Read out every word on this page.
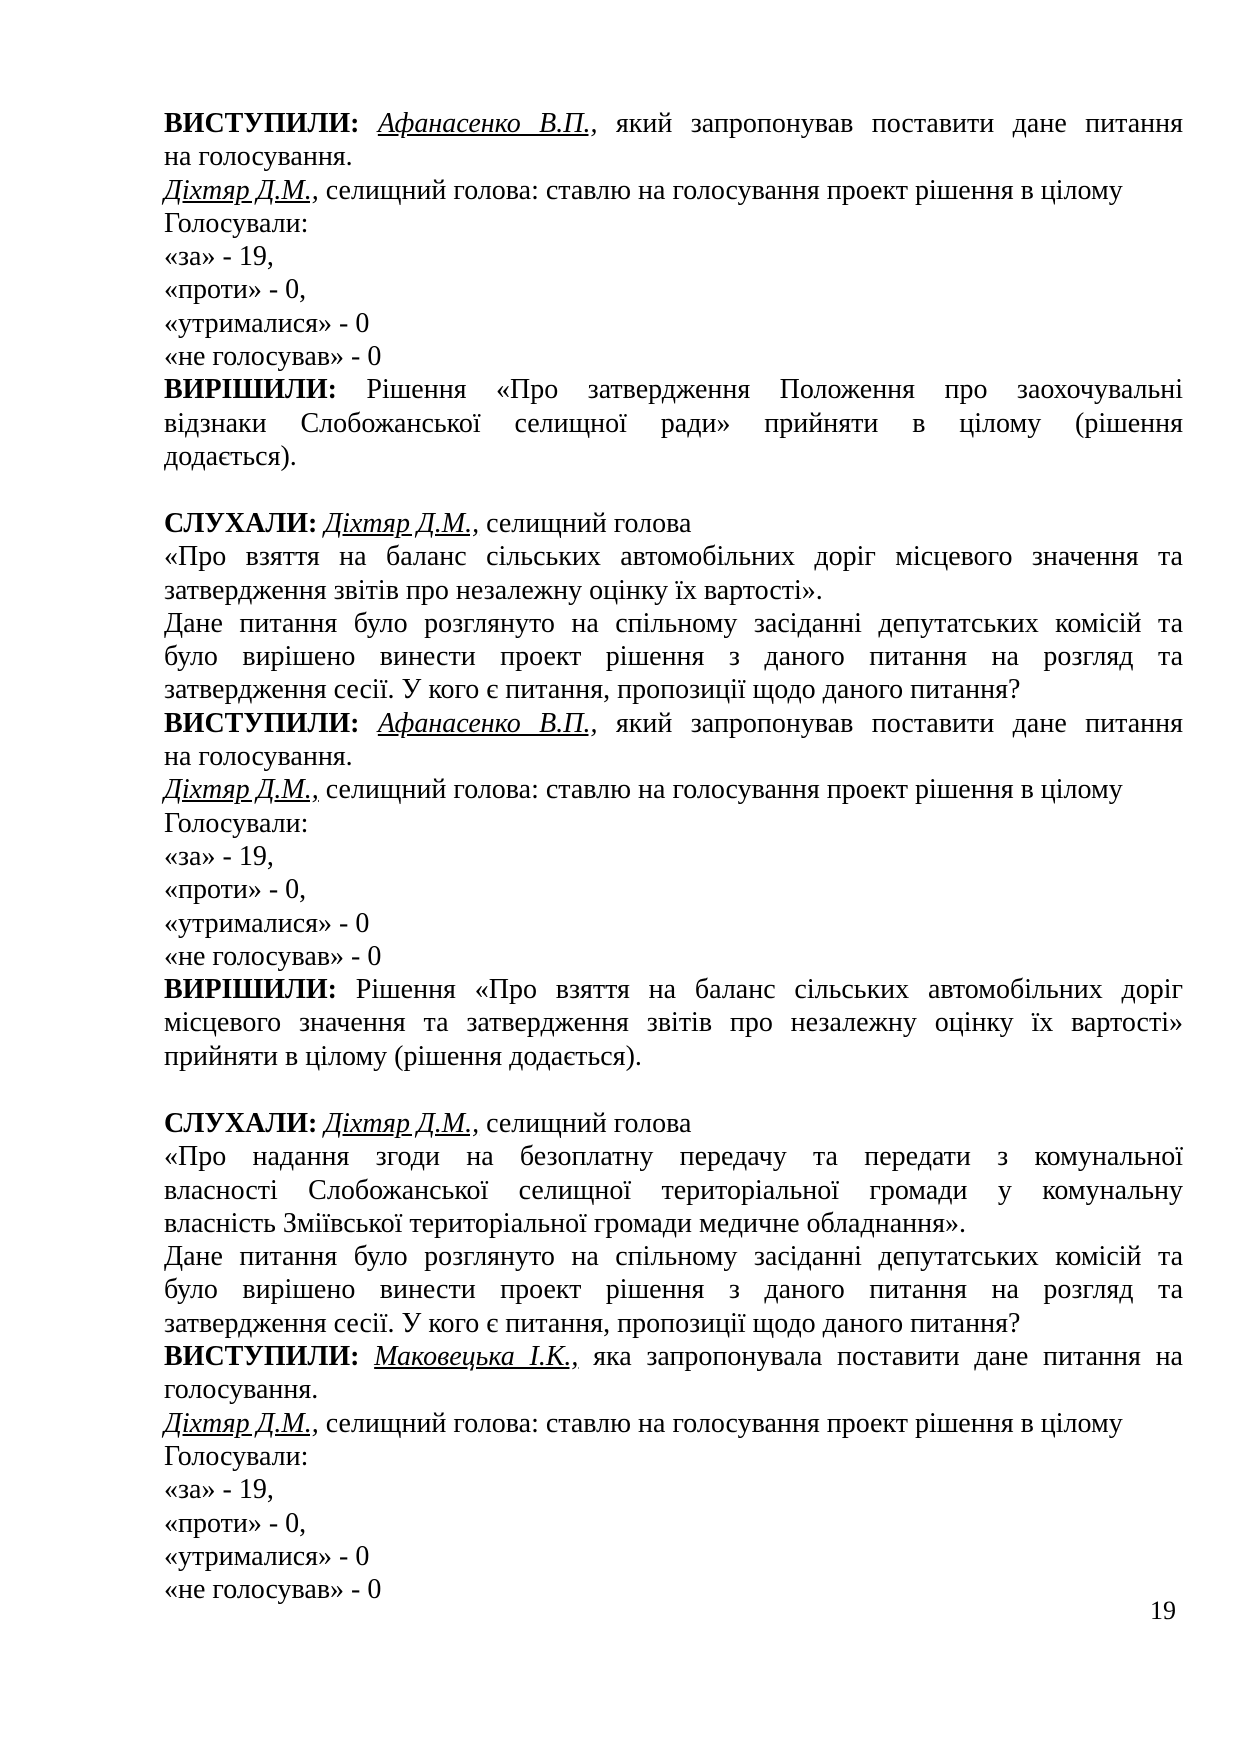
ВИСТУПИЛИ: Афанасенко В.П., який запропонував поставити дане питання
на голосування.
Діхтяр Д.М., селищний голова: ставлю на голосування проект рішення в цілому
Голосували:
«за» - 19,
«проти» - 0,
«утрималися» - 0
«не голосував» - 0
ВИРІШИЛИ: Рішення «Про затвердження Положення про заохочувальні
відзнаки Слобожанської селищної ради» прийняти в цілому (рішення
додається).
СЛУХАЛИ: Діхтяр Д.М., селищний голова
«Про взяття на баланс сільських автомобільних доріг місцевого значення та
затвердження звітів про незалежну оцінку їх вартості».
Дане питання було розглянуто на спільному засіданні депутатських комісій та
було вирішено винести проект рішення з даного питання на розгляд та
затвердження сесії. У кого є питання, пропозиції щодо даного питання?
ВИСТУПИЛИ: Афанасенко В.П., який запропонував поставити дане питання
на голосування.
Діхтяр Д.М., селищний голова: ставлю на голосування проект рішення в цілому
Голосували:
«за» - 19,
«проти» - 0,
«утрималися» - 0
«не голосував» - 0
ВИРІШИЛИ: Рішення «Про взяття на баланс сільських автомобільних доріг
місцевого значення та затвердження звітів про незалежну оцінку їх вартості»
прийняти в цілому (рішення додається).
СЛУХАЛИ: Діхтяр Д.М., селищний голова
«Про надання згоди на безоплатну передачу та передати з комунальної
власності Слобожанської селищної територіальної громади у комунальну
власність Зміївської територіальної громади медичне обладнання».
Дане питання було розглянуто на спільному засіданні депутатських комісій та
було вирішено винести проект рішення з даного питання на розгляд та
затвердження сесії. У кого є питання, пропозиції щодо даного питання?
ВИСТУПИЛИ: Маковецька І.К., яка запропонувала поставити дане питання на
голосування.
Діхтяр Д.М., селищний голова: ставлю на голосування проект рішення в цілому
Голосували:
«за» - 19,
«проти» - 0,
«утрималися» - 0
«не голосував» - 0
19
